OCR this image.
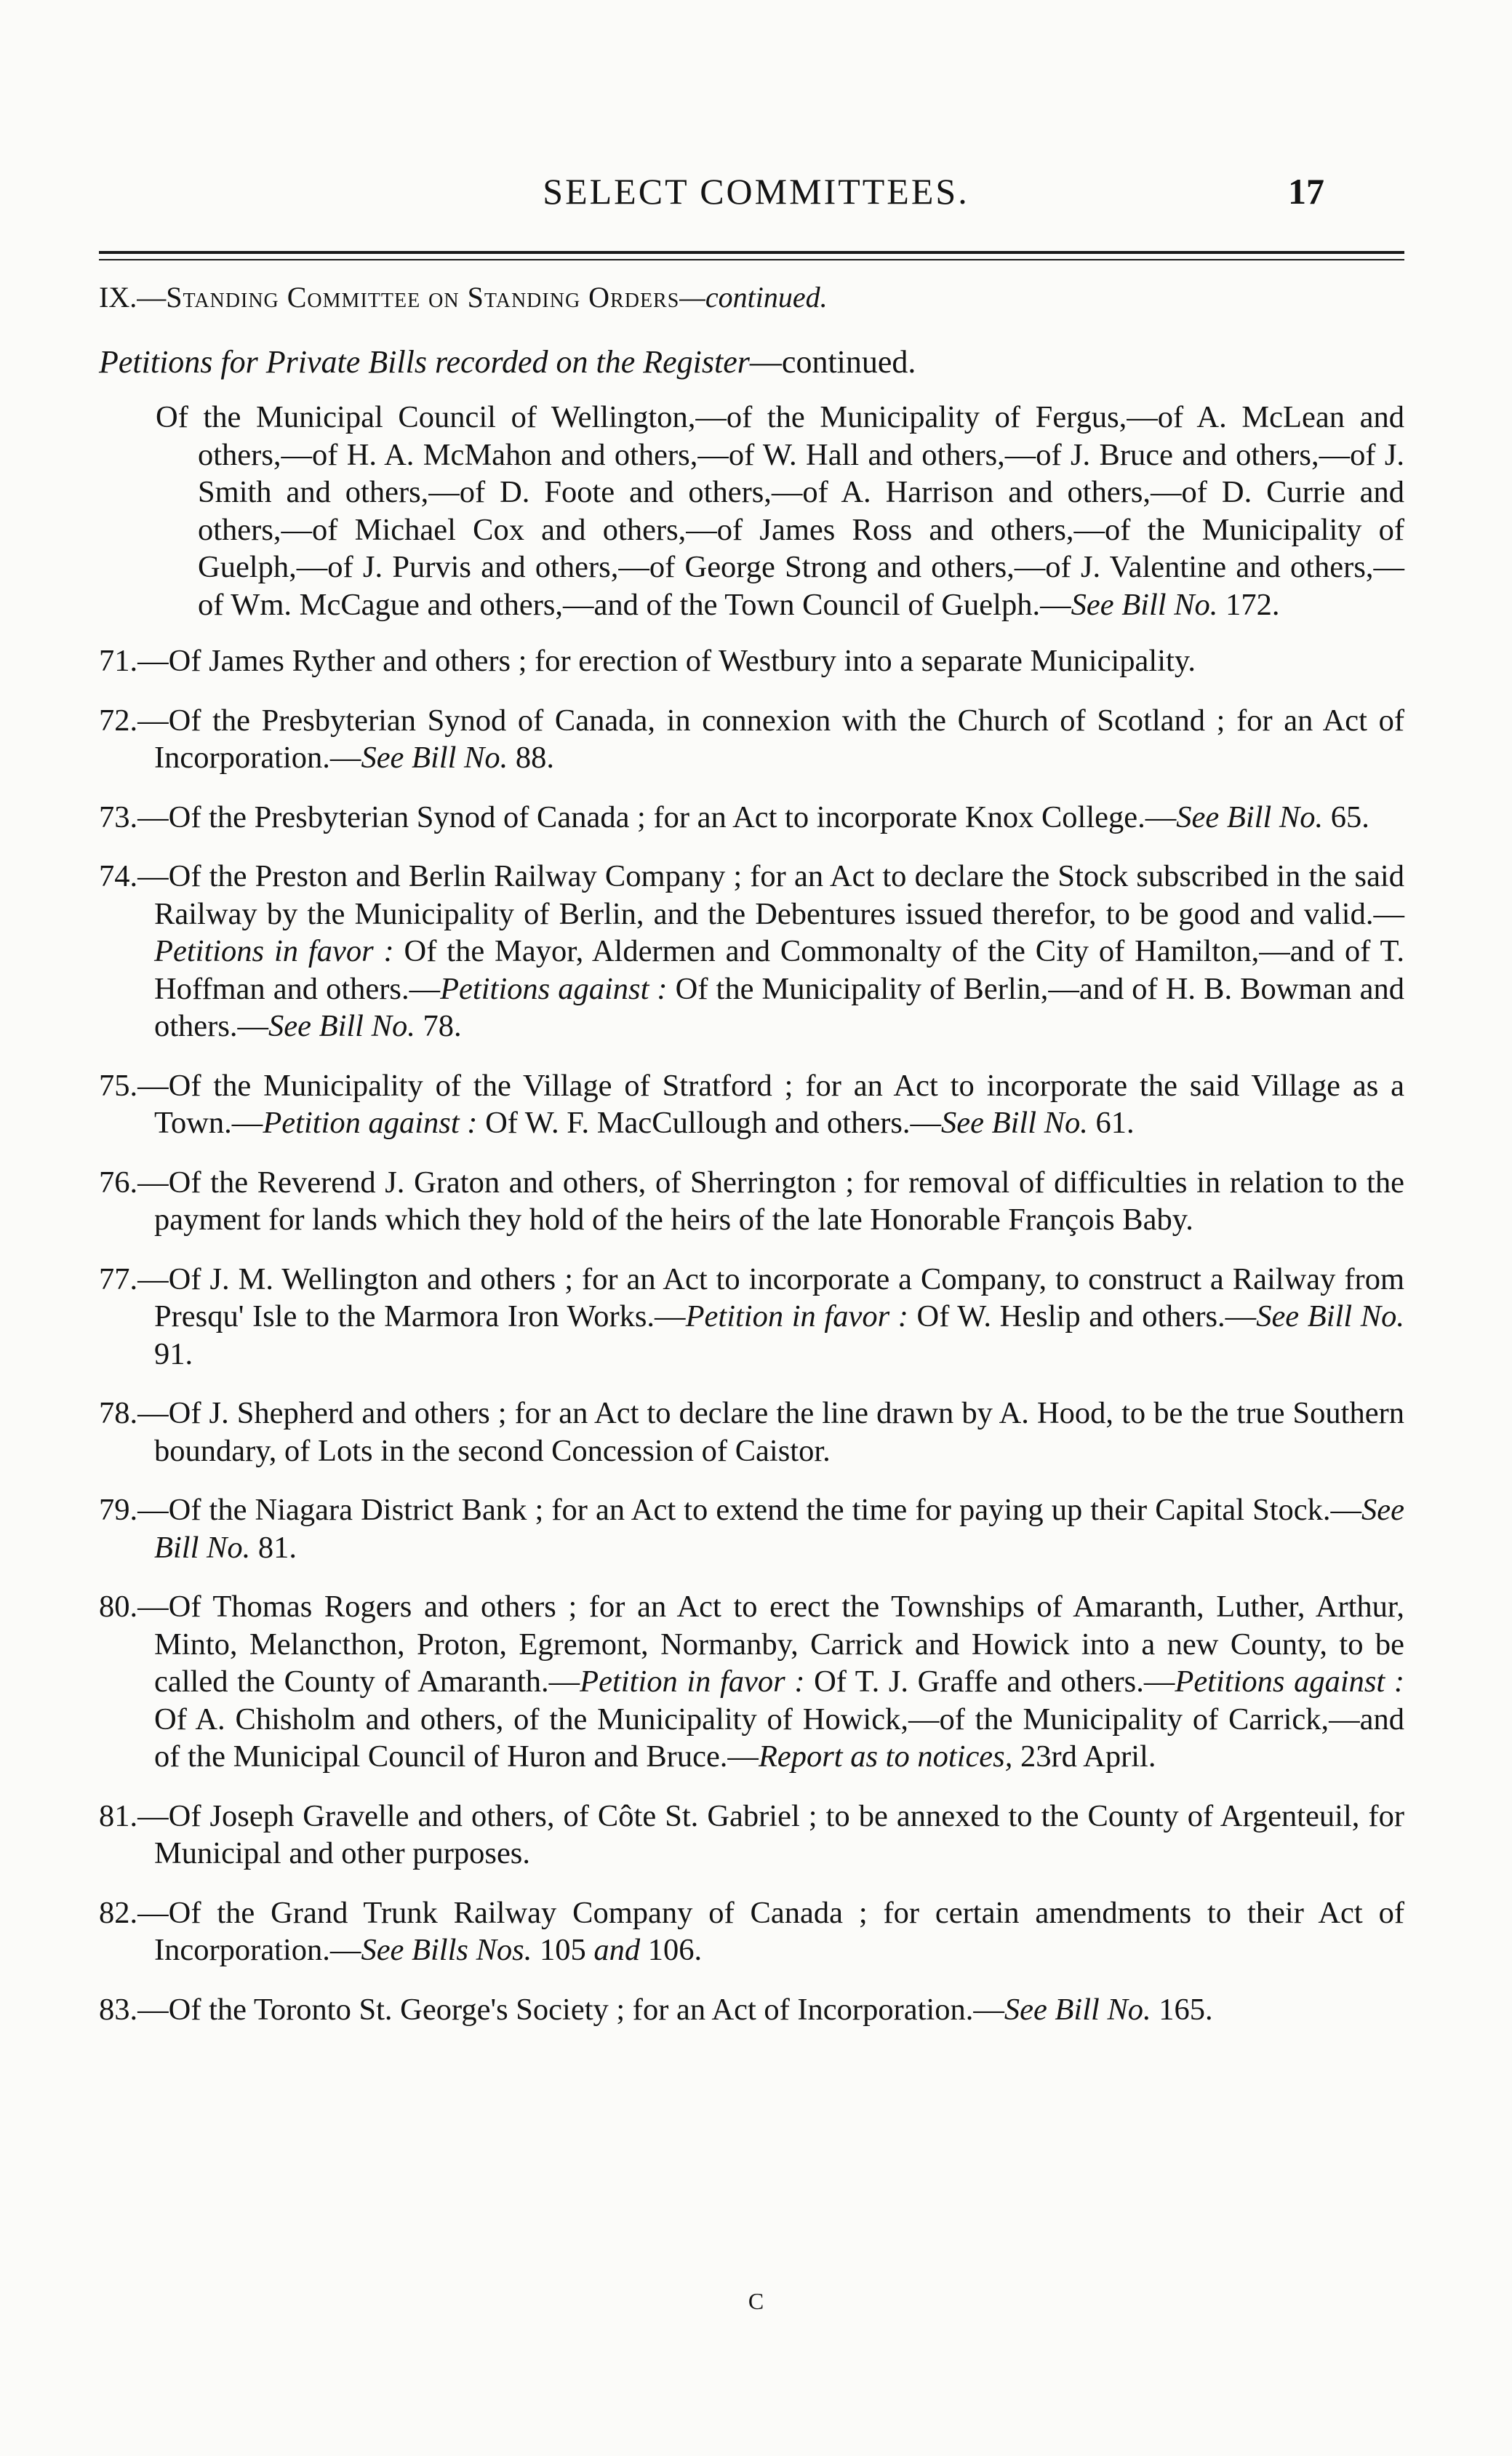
SELECT COMMITTEES.	17
IX.—Standing Committee on Standing Orders—continued.
Petitions for Private Bills recorded on the Register—continued.

Of the Municipal Council of Wellington,—of the Municipality of Fergus,—of A. McLean and others,—of H. A. McMahon and others,—of W. Hall and others,—of J. Bruce and others,—of J. Smith and others,—of D. Foote and others,—of A. Harrison and others,—of D. Currie and others,—of Michael Cox and others,—of James Ross and others,—of the Municipality of Guelph,—of J. Purvis and others,—of George Strong and others,—of J. Valentine and others,—of Wm. McCague and others,—and of the Town Council of Guelph.—See Bill No. 172.

71.—Of James Ryther and others ; for erection of Westbury into a separate Municipality.

72.—Of the Presbyterian Synod of Canada, in connexion with the Church of Scotland ; for an Act of Incorporation.—See Bill No. 88.

73.—Of the Presbyterian Synod of Canada ; for an Act to incorporate Knox College.—See Bill No. 65.

74.—Of the Preston and Berlin Railway Company ; for an Act to declare the Stock subscribed in the said Railway by the Municipality of Berlin, and the Debentures issued therefor, to be good and valid.—Petitions in favor : Of the Mayor, Aldermen and Commonalty of the City of Hamilton,—and of T. Hoffman and others.—Petitions against : Of the Municipality of Berlin,—and of H. B. Bowman and others.—See Bill No. 78.

75.—Of the Municipality of the Village of Stratford ; for an Act to incorporate the said Village as a Town.—Petition against : Of W. F. MacCullough and others.—See Bill No. 61.

76.—Of the Reverend J. Graton and others, of Sherrington ; for removal of difficulties in relation to the payment for lands which they hold of the heirs of the late Honorable François Baby.

77.—Of J. M. Wellington and others ; for an Act to incorporate a Company, to construct a Railway from Presqu' Isle to the Marmora Iron Works.—Petition in favor : Of W. Heslip and others.—See Bill No. 91.

78.—Of J. Shepherd and others ; for an Act to declare the line drawn by A. Hood, to be the true Southern boundary, of Lots in the second Concession of Caistor.

79.—Of the Niagara District Bank ; for an Act to extend the time for paying up their Capital Stock.—See Bill No. 81.

80.—Of Thomas Rogers and others ; for an Act to erect the Townships of Amaranth, Luther, Arthur, Minto, Melancthon, Proton, Egremont, Normanby, Carrick and Howick into a new County, to be called the County of Amaranth.—Petition in favor : Of T. J. Graffe and others.—Petitions against : Of A. Chisholm and others, of the Municipality of Howick,—of the Municipality of Carrick,—and of the Municipal Council of Huron and Bruce.—Report as to notices, 23rd April.

81.—Of Joseph Gravelle and others, of Côte St. Gabriel ; to be annexed to the County of Argenteuil, for Municipal and other purposes.

82.—Of the Grand Trunk Railway Company of Canada ; for certain amendments to their Act of Incorporation.—See Bills Nos. 105 and 106.

83.—Of the Toronto St. George's Society ; for an Act of Incorporation.—See Bill No. 165.

C
